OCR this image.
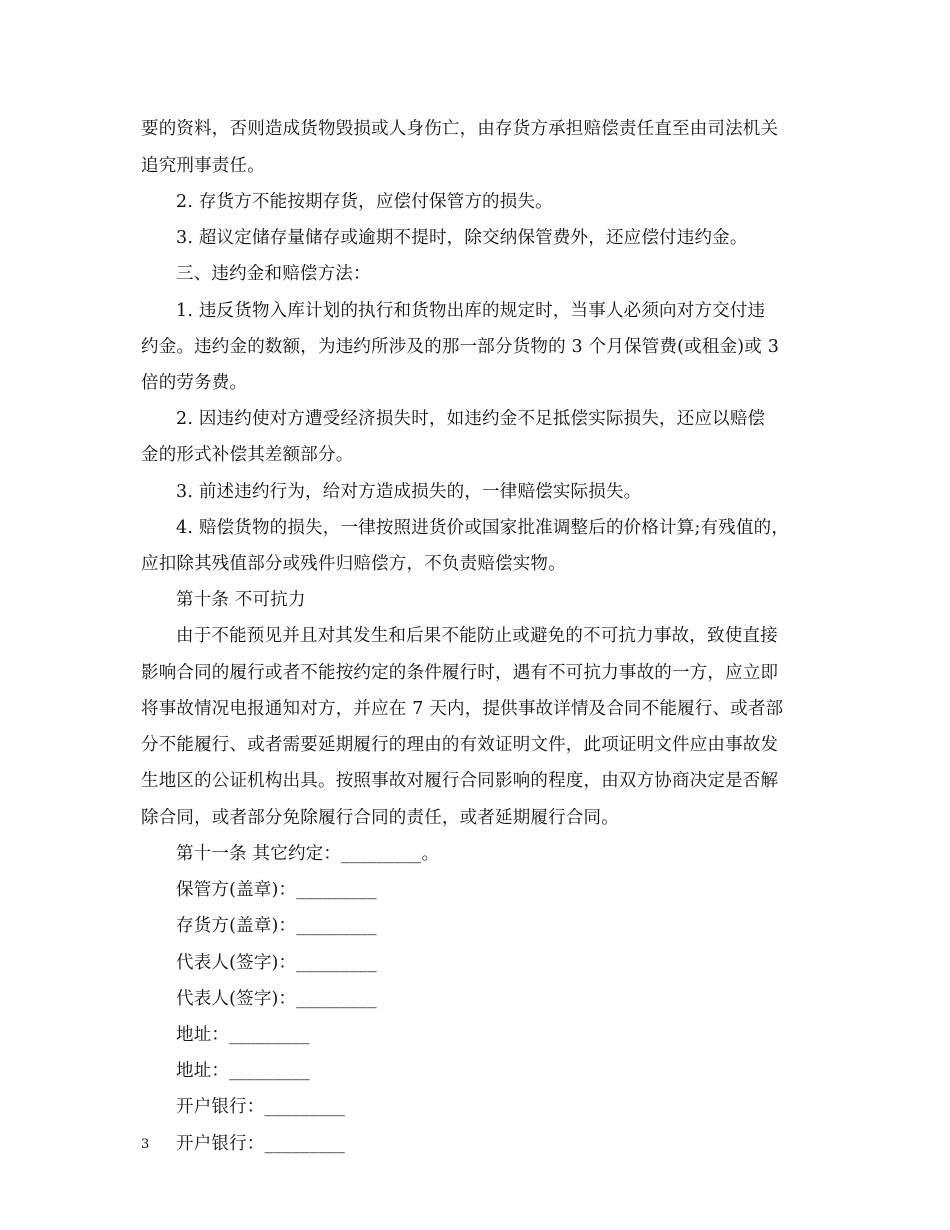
要的资料，否则造成货物毁损或人身伤亡，由存货方承担赔偿责任直至由司法机关
追究刑事责任。
2. 存货方不能按期存货，应偿付保管方的损失。
3. 超议定储存量储存或逾期不提时，除交纳保管费外，还应偿付违约金。
三、违约金和赔偿方法：
1. 违反货物入库计划的执行和货物出库的规定时，当事人必须向对方交付违
约金。违约金的数额，为违约所涉及的那一部分货物的 3 个月保管费(或租金)或 3
倍的劳务费。
2. 因违约使对方遭受经济损失时，如违约金不足抵偿实际损失，还应以赔偿
金的形式补偿其差额部分。
3. 前述违约行为，给对方造成损失的，一律赔偿实际损失。
4. 赔偿货物的损失，一律按照进货价或国家批准调整后的价格计算;有残值的，
应扣除其残值部分或残件归赔偿方，不负责赔偿实物。
第十条 不可抗力
由于不能预见并且对其发生和后果不能防止或避免的不可抗力事故，致使直接
影响合同的履行或者不能按约定的条件履行时，遇有不可抗力事故的一方，应立即
将事故情况电报通知对方，并应在 7 天内，提供事故详情及合同不能履行、或者部
分不能履行、或者需要延期履行的理由的有效证明文件，此项证明文件应由事故发
生地区的公证机构出具。按照事故对履行合同影响的程度，由双方协商决定是否解
除合同，或者部分免除履行合同的责任，或者延期履行合同。
第十一条 其它约定：_________。
保管方(盖章)：_________
存货方(盖章)：_________
代表人(签字)：_________
代表人(签字)：_________
地址：_________
地址：_________
开户银行：_________
开户银行：_________
3
